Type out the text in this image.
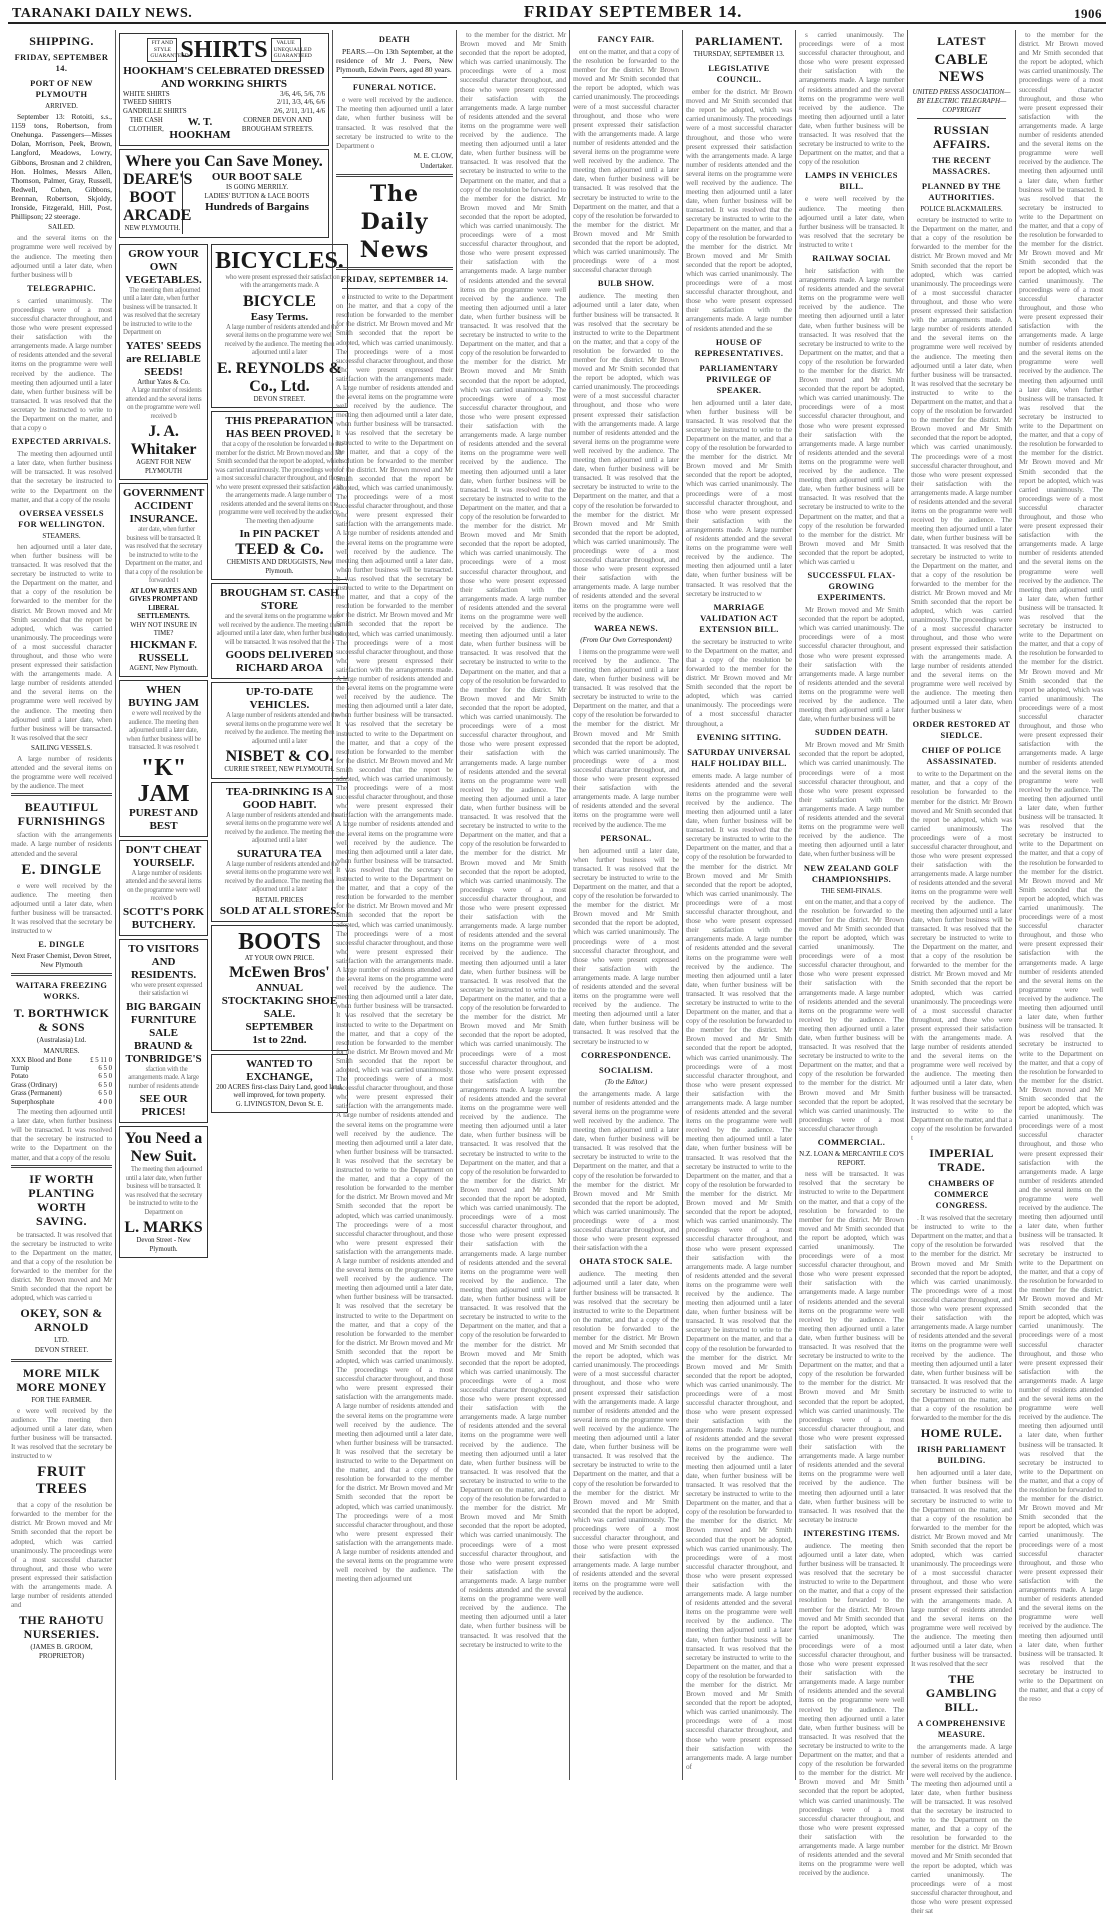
TARANAKI DAILY NEWS.	FRIDAY SEPTEMBER 14.	1906
SHIPPING.
FRIDAY, SEPTEMBER 14.
PORT OF NEW PLYMOUTH
ARRIVED.

September 13: Rotoiti, s.s., 1159 tons, Robertson, from Onehunga. Passengers—Misses Dolan, Morrison, Peek, Brown, Langford, Meadows, Lowry, Gibbons, Brosnan and 2 children, Hon. Holmes, Messrs Allen, Thomson, Palmer, Gray, Russell, Redwell, Cohen, Gibbons, Brennan, Robertson, Skjoldy, Ironside, Fitzgerald, Hill, Post, Phillipson; 22 steerage.

SAILED.

and the several items on the programme were well received by the audience. The meeting then adjourned until a later date, when further business will b

TELEGRAPHIC.

s carried unanimously. The proceedings were of a most successful character throughout, and those who were present expressed their satisfaction with the arrangements made. A large number of residents attended and the several items on the programme were well received by the audience. The meeting then adjourned until a later date, when further business will be transacted. It was resolved that the secretary be instructed to write to the Department on the matter, and that a copy o

EXPECTED ARRIVALS.

The meeting then adjourned until a later date, when further business will be transacted. It was resolved that the secretary be instructed to write to the Department on the matter, and that a copy of the resolu

OVERSEA VESSELS FOR WELLINGTON.
STEAMERS.

hen adjourned until a later date, when further business will be transacted. It was resolved that the secretary be instructed to write to the Department on the matter, and that a copy of the resolution be forwarded to the member for the district. Mr Brown moved and Mr Smith seconded that the report be adopted, which was carried unanimously. The proceedings were of a most successful character throughout, and those who were present expressed their satisfaction with the arrangements made. A large number of residents attended and the several items on the programme were well received by the audience. The meeting then adjourned until a later date, when further business will be transacted. It was resolved that the secr

SAILING VESSELS.

A large number of residents attended and the several items on the programme were well received by the audience. The meet

BEAUTIFUL FURNISHINGS

sfaction with the arrangements made. A large number of residents attended and the several

E. DINGLE

e were well received by the audience. The meeting then adjourned until a later date, when further business will be transacted. It was resolved that the secretary be instructed to w

E. DINGLE
Next Fraser Chemist, Devon Street, New Plymouth
WAITARA FREEZING WORKS.
T. BORTHWICK & SONS
(Australasia) Ltd.
MANURES.
XXX Blood and Bone	£ 5 11 0
Turnip	6 5 0
Potato	6 5 0
Grass (Ordinary)	6 5 0
Grass (Permanent)	6 5 0
Superphosphate	4 0 0

The meeting then adjourned until a later date, when further business will be transacted. It was resolved that the secretary be instructed to write to the Department on the matter, and that a copy of the resolu

IF WORTH PLANTING WORTH SAVING.

be transacted. It was resolved that the secretary be instructed to write to the Department on the matter, and that a copy of the resolution be forwarded to the member for the district. Mr Brown moved and Mr Smith seconded that the report be adopted, which was carried u

OKEY, SON & ARNOLD
LTD.
DEVON STREET.
MORE MILK MORE MONEY
FOR THE FARMER.

e were well received by the audience. The meeting then adjourned until a later date, when further business will be transacted. It was resolved that the secretary be instructed to w

FRUIT TREES

that a copy of the resolution be forwarded to the member for the district. Mr Brown moved and Mr Smith seconded that the report be adopted, which was carried unanimously. The proceedings were of a most successful character throughout, and those who were present expressed their satisfaction with the arrangements made. A large number of residents attended and

THE RAHOTU NURSERIES.
(JAMES B. GROOM, PROPRIETOR)
FIT AND STYLE GUARANTEED
SHIRTS	VALUE UNEQUALLED GUARANTEED
HOOKHAM'S CELEBRATED DRESSED AND WORKING SHIRTS
WHITE SHIRTS	3/6, 4/6, 5/6, 7/6
TWEED SHIRTS	2/11, 3/3, 4/6, 6/6
GANDRILLE SHIRTS	2/6, 2/11, 3/11, 4/6
THE CASH CLOTHIER,
W. T. HOOKHAM
CORNER DEVON AND BROUGHAM STREETS.
Where you Can Save Money.
DEARE'S BOOT ARCADE
NEW PLYMOUTH.
OUR BOOT SALE
IS GOING MERRILY.
LADIES' BUTTON & LACE BOOTS
Hundreds of Bargains
GROW YOUR OWN VEGETABLES.

The meeting then adjourned until a later date, when further business will be transacted. It was resolved that the secretary be instructed to write to the Department on

YATES' SEEDS are RELIABLE SEEDS!
Arthur Yates & Co.

A large number of residents attended and the several items on the programme were well received b

J. A. Whitaker
AGENT FOR NEW PLYMOUTH
GOVERNMENT ACCIDENT INSURANCE.

ater date, when further business will be transacted. It was resolved that the secretary be instructed to write to the Department on the matter, and that a copy of the resolution be forwarded t

AT LOW RATES AND GIVES PROMPT AND LIBERAL SETTLEMENTS.
WHY NOT INSURE IN TIME?
HICKMAN F. RUSSELL
AGENT, New Plymouth.
WHEN BUYING JAM

e were well received by the audience. The meeting then adjourned until a later date, when further business will be transacted. It was resolved t

"K" JAM
PUREST AND BEST
DON'T CHEAT YOURSELF.

A large number of residents attended and the several items on the programme were well received b

SCOTT'S PORK BUTCHERY.
TO VISITORS AND RESIDENTS.

who were present expressed their satisfaction wi

BIG BARGAIN FURNITURE SALE
BRAUND & TONBRIDGE'S

sfaction with the arrangements made. A large number of residents attende

SEE OUR PRICES!
You Need a New Suit.

The meeting then adjourned until a later date, when further business will be transacted. It was resolved that the secretary be instructed to write to the Department on

L. MARKS
Devon Street - New Plymouth.
BICYCLES.

who were present expressed their satisfaction with the arrangements made. A

BICYCLE
Easy Terms.

A large number of residents attended and the several items on the programme were well received by the audience. The meeting then adjourned until a later

E. REYNOLDS & Co., Ltd.
DEVON STREET.
THIS PREPARATION HAS BEEN PROVED.

that a copy of the resolution be forwarded to the member for the district. Mr Brown moved and Mr Smith seconded that the report be adopted, which was carried unanimously. The proceedings were of a most successful character throughout, and those who were present expressed their satisfaction with the arrangements made. A large number of residents attended and the several items on the programme were well received by the audience. The meeting then adjourne

In PIN PACKET
TEED & Co.
CHEMISTS AND DRUGGISTS, New Plymouth.
BROUGHAM ST. CASH STORE

and the several items on the programme were well received by the audience. The meeting then adjourned until a later date, when further business will be transacted. It was resolved that the s

GOODS DELIVERED
RICHARD AROA
UP-TO-DATE VEHICLES.

A large number of residents attended and the several items on the programme were well received by the audience. The meeting then adjourned until a later

NISBET & CO.
CURRIE STREET, NEW PLYMOUTH.
TEA-DRINKING IS A GOOD HABIT.

A large number of residents attended and the several items on the programme were well received by the audience. The meeting then adjourned until a later

SURATURA TEA

A large number of residents attended and the several items on the programme were well received by the audience. The meeting then adjourned until a later

RETAIL PRICES
SOLD AT ALL STORES.
BOOTS
AT YOUR OWN PRICE.
McEwen Bros'
ANNUAL STOCKTAKING SHOE SALE.
SEPTEMBER
1st to 22nd.
WANTED TO EXCHANGE,
200 ACRES first-class Dairy Land, good land, well improved, for town property.
G. LIVINGSTON, Devon St. E.
DEATH

PEARS.—On 13th September, at the residence of Mr J. Peers, New Plymouth, Edwin Peers, aged 80 years.

FUNERAL NOTICE.

e were well received by the audience. The meeting then adjourned until a later date, when further business will be transacted. It was resolved that the secretary be instructed to write to the Department o

M. E. CLOW,
Undertaker.
The Daily News
FRIDAY, SEPTEMBER 14.

e instructed to write to the Department on the matter, and that a copy of the resolution be forwarded to the member for the district. Mr Brown moved and Mr Smith seconded that the report be adopted, which was carried unanimously. The proceedings were of a most successful character throughout, and those who were present expressed their satisfaction with the arrangements made. A large number of residents attended and the several items on the programme were well received by the audience. The meeting then adjourned until a later date, when further business will be transacted. It was resolved that the secretary be instructed to write to the Department on the matter, and that a copy of the resolution be forwarded to the member for the district. Mr Brown moved and Mr Smith seconded that the report be adopted, which was carried unanimously. The proceedings were of a most successful character throughout, and those who were present expressed their satisfaction with the arrangements made. A large number of residents attended and the several items on the programme were well received by the audience. The meeting then adjourned until a later date, when further business will be transacted. It was resolved that the secretary be instructed to write to the Department on the matter, and that a copy of the resolution be forwarded to the member for the district. Mr Brown moved and Mr Smith seconded that the report be adopted, which was carried unanimously. The proceedings were of a most successful character throughout, and those who were present expressed their satisfaction with the arrangements made. A large number of residents attended and the several items on the programme were well received by the audience. The meeting then adjourned until a later date, when further business will be transacted. It was resolved that the secretary be instructed to write to the Department on the matter, and that a copy of the resolution be forwarded to the member for the district. Mr Brown moved and Mr Smith seconded that the report be adopted, which was carried unanimously. The proceedings were of a most successful character throughout, and those who were present expressed their satisfaction with the arrangements made. A large number of residents attended and the several items on the programme were well received by the audience. The meeting then adjourned until a later date, when further business will be transacted. It was resolved that the secretary be instructed to write to the Department on the matter, and that a copy of the resolution be forwarded to the member for the district. Mr Brown moved and Mr Smith seconded that the report be adopted, which was carried unanimously. The proceedings were of a most successful character throughout, and those who were present expressed their satisfaction with the arrangements made. A large number of residents attended and the several items on the programme were well received by the audience. The meeting then adjourned until a later date, when further business will be transacted. It was resolved that the secretary be instructed to write to the Department on the matter, and that a copy of the resolution be forwarded to the member for the district. Mr Brown moved and Mr Smith seconded that the report be adopted, which was carried unanimously. The proceedings were of a most successful character throughout, and those who were present expressed their satisfaction with the arrangements made. A large number of residents attended and the several items on the programme were well received by the audience. The meeting then adjourned until a later date, when further business will be transacted. It was resolved that the secretary be instructed to write to the Department on the matter, and that a copy of the resolution be forwarded to the member for the district. Mr Brown moved and Mr Smith seconded that the report be adopted, which was carried unanimously. The proceedings were of a most successful character throughout, and those who were present expressed their satisfaction with the arrangements made. A large number of residents attended and the several items on the programme were well received by the audience. The meeting then adjourned until a later date, when further business will be transacted. It was resolved that the secretary be instructed to write to the Department on the matter, and that a copy of the resolution be forwarded to the member for the district. Mr Brown moved and Mr Smith seconded that the report be adopted, which was carried unanimously. The proceedings were of a most successful character throughout, and those who were present expressed their satisfaction with the arrangements made. A large number of residents attended and the several items on the programme were well received by the audience. The meeting then adjourned until a later date, when further business will be transacted. It was resolved that the secretary be instructed to write to the Department on the matter, and that a copy of the resolution be forwarded to the member for the district. Mr Brown moved and Mr Smith seconded that the report be adopted, which was carried unanimously. The proceedings were of a most successful character throughout, and those who were present expressed their satisfaction with the arrangements made. A large number of residents attended and the several items on the programme were well received by the audience. The meeting then adjourned unt

to the member for the district. Mr Brown moved and Mr Smith seconded that the report be adopted, which was carried unanimously. The proceedings were of a most successful character throughout, and those who were present expressed their satisfaction with the arrangements made. A large number of residents attended and the several items on the programme were well received by the audience. The meeting then adjourned until a later date, when further business will be transacted. It was resolved that the secretary be instructed to write to the Department on the matter, and that a copy of the resolution be forwarded to the member for the district. Mr Brown moved and Mr Smith seconded that the report be adopted, which was carried unanimously. The proceedings were of a most successful character throughout, and those who were present expressed their satisfaction with the arrangements made. A large number of residents attended and the several items on the programme were well received by the audience. The meeting then adjourned until a later date, when further business will be transacted. It was resolved that the secretary be instructed to write to the Department on the matter, and that a copy of the resolution be forwarded to the member for the district. Mr Brown moved and Mr Smith seconded that the report be adopted, which was carried unanimously. The proceedings were of a most successful character throughout, and those who were present expressed their satisfaction with the arrangements made. A large number of residents attended and the several items on the programme were well received by the audience. The meeting then adjourned until a later date, when further business will be transacted. It was resolved that the secretary be instructed to write to the Department on the matter, and that a copy of the resolution be forwarded to the member for the district. Mr Brown moved and Mr Smith seconded that the report be adopted, which was carried unanimously. The proceedings were of a most successful character throughout, and those who were present expressed their satisfaction with the arrangements made. A large number of residents attended and the several items on the programme were well received by the audience. The meeting then adjourned until a later date, when further business will be transacted. It was resolved that the secretary be instructed to write to the Department on the matter, and that a copy of the resolution be forwarded to the member for the district. Mr Brown moved and Mr Smith seconded that the report be adopted, which was carried unanimously. The proceedings were of a most successful character throughout, and those who were present expressed their satisfaction with the arrangements made. A large number of residents attended and the several items on the programme were well received by the audience. The meeting then adjourned until a later date, when further business will be transacted. It was resolved that the secretary be instructed to write to the Department on the matter, and that a copy of the resolution be forwarded to the member for the district. Mr Brown moved and Mr Smith seconded that the report be adopted, which was carried unanimously. The proceedings were of a most successful character throughout, and those who were present expressed their satisfaction with the arrangements made. A large number of residents attended and the several items on the programme were well received by the audience. The meeting then adjourned until a later date, when further business will be transacted. It was resolved that the secretary be instructed to write to the Department on the matter, and that a copy of the resolution be forwarded to the member for the district. Mr Brown moved and Mr Smith seconded that the report be adopted, which was carried unanimously. The proceedings were of a most successful character throughout, and those who were present expressed their satisfaction with the arrangements made. A large number of residents attended and the several items on the programme were well received by the audience. The meeting then adjourned until a later date, when further business will be transacted. It was resolved that the secretary be instructed to write to the Department on the matter, and that a copy of the resolution be forwarded to the member for the district. Mr Brown moved and Mr Smith seconded that the report be adopted, which was carried unanimously. The proceedings were of a most successful character throughout, and those who were present expressed their satisfaction with the arrangements made. A large number of residents attended and the several items on the programme were well received by the audience. The meeting then adjourned until a later date, when further business will be transacted. It was resolved that the secretary be instructed to write to the Department on the matter, and that a copy of the resolution be forwarded to the member for the district. Mr Brown moved and Mr Smith seconded that the report be adopted, which was carried unanimously. The proceedings were of a most successful character throughout, and those who were present expressed their satisfaction with the arrangements made. A large number of residents attended and the several items on the programme were well received by the audience. The meeting then adjourned until a later date, when further business will be transacted. It was resolved that the secretary be instructed to write to the Department on the matter, and that a copy of the resolution be forwarded to the member for the district. Mr Brown moved and Mr Smith seconded that the report be adopted, which was carried unanimously. The proceedings were of a most successful character throughout, and those who were present expressed their satisfaction with the arrangements made. A large number of residents attended and the several items on the programme were well received by the audience. The meeting then adjourned until a later date, when further business will be transacted. It was resolved that the secretary be instructed to write to the

FANCY FAIR.

ent on the matter, and that a copy of the resolution be forwarded to the member for the district. Mr Brown moved and Mr Smith seconded that the report be adopted, which was carried unanimously. The proceedings were of a most successful character throughout, and those who were present expressed their satisfaction with the arrangements made. A large number of residents attended and the several items on the programme were well received by the audience. The meeting then adjourned until a later date, when further business will be transacted. It was resolved that the secretary be instructed to write to the Department on the matter, and that a copy of the resolution be forwarded to the member for the district. Mr Brown moved and Mr Smith seconded that the report be adopted, which was carried unanimously. The proceedings were of a most successful character through

BULB SHOW.

audience. The meeting then adjourned until a later date, when further business will be transacted. It was resolved that the secretary be instructed to write to the Department on the matter, and that a copy of the resolution be forwarded to the member for the district. Mr Brown moved and Mr Smith seconded that the report be adopted, which was carried unanimously. The proceedings were of a most successful character throughout, and those who were present expressed their satisfaction with the arrangements made. A large number of residents attended and the several items on the programme were well received by the audience. The meeting then adjourned until a later date, when further business will be transacted. It was resolved that the secretary be instructed to write to the Department on the matter, and that a copy of the resolution be forwarded to the member for the district. Mr Brown moved and Mr Smith seconded that the report be adopted, which was carried unanimously. The proceedings were of a most successful character throughout, and those who were present expressed their satisfaction with the arrangements made. A large number of residents attended and the several items on the programme were well received by the audience.

WAREA NEWS.
(From Our Own Correspondent)

l items on the programme were well received by the audience. The meeting then adjourned until a later date, when further business will be transacted. It was resolved that the secretary be instructed to write to the Department on the matter, and that a copy of the resolution be forwarded to the member for the district. Mr Brown moved and Mr Smith seconded that the report be adopted, which was carried unanimously. The proceedings were of a most successful character throughout, and those who were present expressed their satisfaction with the arrangements made. A large number of residents attended and the several items on the programme were well received by the audience. The me

PERSONAL.

hen adjourned until a later date, when further business will be transacted. It was resolved that the secretary be instructed to write to the Department on the matter, and that a copy of the resolution be forwarded to the member for the district. Mr Brown moved and Mr Smith seconded that the report be adopted, which was carried unanimously. The proceedings were of a most successful character throughout, and those who were present expressed their satisfaction with the arrangements made. A large number of residents attended and the several items on the programme were well received by the audience. The meeting then adjourned until a later date, when further business will be transacted. It was resolved that the secretary be instructed to w

CORRESPONDENCE.
SOCIALISM.
(To the Editor.)

the arrangements made. A large number of residents attended and the several items on the programme were well received by the audience. The meeting then adjourned until a later date, when further business will be transacted. It was resolved that the secretary be instructed to write to the Department on the matter, and that a copy of the resolution be forwarded to the member for the district. Mr Brown moved and Mr Smith seconded that the report be adopted, which was carried unanimously. The proceedings were of a most successful character throughout, and those who were present expressed their satisfaction with the a

OHATA STOCK SALE.

audience. The meeting then adjourned until a later date, when further business will be transacted. It was resolved that the secretary be instructed to write to the Department on the matter, and that a copy of the resolution be forwarded to the member for the district. Mr Brown moved and Mr Smith seconded that the report be adopted, which was carried unanimously. The proceedings were of a most successful character throughout, and those who were present expressed their satisfaction with the arrangements made. A large number of residents attended and the several items on the programme were well received by the audience. The meeting then adjourned until a later date, when further business will be transacted. It was resolved that the secretary be instructed to write to the Department on the matter, and that a copy of the resolution be forwarded to the member for the district. Mr Brown moved and Mr Smith seconded that the report be adopted, which was carried unanimously. The proceedings were of a most successful character throughout, and those who were present expressed their satisfaction with the arrangements made. A large number of residents attended and the several items on the programme were well received by the audience.

PARLIAMENT.
THURSDAY, SEPTEMBER 13.
LEGISLATIVE COUNCIL.

ember for the district. Mr Brown moved and Mr Smith seconded that the report be adopted, which was carried unanimously. The proceedings were of a most successful character throughout, and those who were present expressed their satisfaction with the arrangements made. A large number of residents attended and the several items on the programme were well received by the audience. The meeting then adjourned until a later date, when further business will be transacted. It was resolved that the secretary be instructed to write to the Department on the matter, and that a copy of the resolution be forwarded to the member for the district. Mr Brown moved and Mr Smith seconded that the report be adopted, which was carried unanimously. The proceedings were of a most successful character throughout, and those who were present expressed their satisfaction with the arrangements made. A large number of residents attended and the se

HOUSE OF REPRESENTATIVES.
PARLIAMENTARY PRIVILEGE OF SPEAKER.

hen adjourned until a later date, when further business will be transacted. It was resolved that the secretary be instructed to write to the Department on the matter, and that a copy of the resolution be forwarded to the member for the district. Mr Brown moved and Mr Smith seconded that the report be adopted, which was carried unanimously. The proceedings were of a most successful character throughout, and those who were present expressed their satisfaction with the arrangements made. A large number of residents attended and the several items on the programme were well received by the audience. The meeting then adjourned until a later date, when further business will be transacted. It was resolved that the secretary be instructed to w

MARRIAGE VALIDATION ACT EXTENSION BILL.

the secretary be instructed to write to the Department on the matter, and that a copy of the resolution be forwarded to the member for the district. Mr Brown moved and Mr Smith seconded that the report be adopted, which was carried unanimously. The proceedings were of a most successful character throughout, a

EVENING SITTING.
SATURDAY UNIVERSAL HALF HOLIDAY BILL.

ements made. A large number of residents attended and the several items on the programme were well received by the audience. The meeting then adjourned until a later date, when further business will be transacted. It was resolved that the secretary be instructed to write to the Department on the matter, and that a copy of the resolution be forwarded to the member for the district. Mr Brown moved and Mr Smith seconded that the report be adopted, which was carried unanimously. The proceedings were of a most successful character throughout, and those who were present expressed their satisfaction with the arrangements made. A large number of residents attended and the several items on the programme were well received by the audience. The meeting then adjourned until a later date, when further business will be transacted. It was resolved that the secretary be instructed to write to the Department on the matter, and that a copy of the resolution be forwarded to the member for the district. Mr Brown moved and Mr Smith seconded that the report be adopted, which was carried unanimously. The proceedings were of a most successful character throughout, and those who were present expressed their satisfaction with the arrangements made. A large number of residents attended and the several items on the programme were well received by the audience. The meeting then adjourned until a later date, when further business will be transacted. It was resolved that the secretary be instructed to write to the Department on the matter, and that a copy of the resolution be forwarded to the member for the district. Mr Brown moved and Mr Smith seconded that the report be adopted, which was carried unanimously. The proceedings were of a most successful character throughout, and those who were present expressed their satisfaction with the arrangements made. A large number of residents attended and the several items on the programme were well received by the audience. The meeting then adjourned until a later date, when further business will be transacted. It was resolved that the secretary be instructed to write to the Department on the matter, and that a copy of the resolution be forwarded to the member for the district. Mr Brown moved and Mr Smith seconded that the report be adopted, which was carried unanimously. The proceedings were of a most successful character throughout, and those who were present expressed their satisfaction with the arrangements made. A large number of residents attended and the several items on the programme were well received by the audience. The meeting then adjourned until a later date, when further business will be transacted. It was resolved that the secretary be instructed to write to the Department on the matter, and that a copy of the resolution be forwarded to the member for the district. Mr Brown moved and Mr Smith seconded that the report be adopted, which was carried unanimously. The proceedings were of a most successful character throughout, and those who were present expressed their satisfaction with the arrangements made. A large number of residents attended and the several items on the programme were well received by the audience. The meeting then adjourned until a later date, when further business will be transacted. It was resolved that the secretary be instructed to write to the Department on the matter, and that a copy of the resolution be forwarded to the member for the district. Mr Brown moved and Mr Smith seconded that the report be adopted, which was carried unanimously. The proceedings were of a most successful character throughout, and those who were present expressed their satisfaction with the arrangements made. A large number of

s carried unanimously. The proceedings were of a most successful character throughout, and those who were present expressed their satisfaction with the arrangements made. A large number of residents attended and the several items on the programme were well received by the audience. The meeting then adjourned until a later date, when further business will be transacted. It was resolved that the secretary be instructed to write to the Department on the matter, and that a copy of the resolution

LAMPS IN VEHICLES BILL.

e were well received by the audience. The meeting then adjourned until a later date, when further business will be transacted. It was resolved that the secretary be instructed to write t

RAILWAY SOCIAL

heir satisfaction with the arrangements made. A large number of residents attended and the several items on the programme were well received by the audience. The meeting then adjourned until a later date, when further business will be transacted. It was resolved that the secretary be instructed to write to the Department on the matter, and that a copy of the resolution be forwarded to the member for the district. Mr Brown moved and Mr Smith seconded that the report be adopted, which was carried unanimously. The proceedings were of a most successful character throughout, and those who were present expressed their satisfaction with the arrangements made. A large number of residents attended and the several items on the programme were well received by the audience. The meeting then adjourned until a later date, when further business will be transacted. It was resolved that the secretary be instructed to write to the Department on the matter, and that a copy of the resolution be forwarded to the member for the district. Mr Brown moved and Mr Smith seconded that the report be adopted, which was carried u

SUCCESSFUL FLAX-GROWING EXPERIMENTS.

Mr Brown moved and Mr Smith seconded that the report be adopted, which was carried unanimously. The proceedings were of a most successful character throughout, and those who were present expressed their satisfaction with the arrangements made. A large number of residents attended and the several items on the programme were well received by the audience. The meeting then adjourned until a later date, when further business will be

SUDDEN DEATH.

Mr Brown moved and Mr Smith seconded that the report be adopted, which was carried unanimously. The proceedings were of a most successful character throughout, and those who were present expressed their satisfaction with the arrangements made. A large number of residents attended and the several items on the programme were well received by the audience. The meeting then adjourned until a later date, when further business will be

NEW ZEALAND GOLF CHAMPIONSHIPS.
THE SEMI-FINALS.

ent on the matter, and that a copy of the resolution be forwarded to the member for the district. Mr Brown moved and Mr Smith seconded that the report be adopted, which was carried unanimously. The proceedings were of a most successful character throughout, and those who were present expressed their satisfaction with the arrangements made. A large number of residents attended and the several items on the programme were well received by the audience. The meeting then adjourned until a later date, when further business will be transacted. It was resolved that the secretary be instructed to write to the Department on the matter, and that a copy of the resolution be forwarded to the member for the district. Mr Brown moved and Mr Smith seconded that the report be adopted, which was carried unanimously. The proceedings were of a most successful character through

COMMERCIAL.
N.Z. LOAN & MERCANTILE CO'S REPORT.

ness will be transacted. It was resolved that the secretary be instructed to write to the Department on the matter, and that a copy of the resolution be forwarded to the member for the district. Mr Brown moved and Mr Smith seconded that the report be adopted, which was carried unanimously. The proceedings were of a most successful character throughout, and those who were present expressed their satisfaction with the arrangements made. A large number of residents attended and the several items on the programme were well received by the audience. The meeting then adjourned until a later date, when further business will be transacted. It was resolved that the secretary be instructed to write to the Department on the matter, and that a copy of the resolution be forwarded to the member for the district. Mr Brown moved and Mr Smith seconded that the report be adopted, which was carried unanimously. The proceedings were of a most successful character throughout, and those who were present expressed their satisfaction with the arrangements made. A large number of residents attended and the several items on the programme were well received by the audience. The meeting then adjourned until a later date, when further business will be transacted. It was resolved that the secretary be instructe

INTERESTING ITEMS.

audience. The meeting then adjourned until a later date, when further business will be transacted. It was resolved that the secretary be instructed to write to the Department on the matter, and that a copy of the resolution be forwarded to the member for the district. Mr Brown moved and Mr Smith seconded that the report be adopted, which was carried unanimously. The proceedings were of a most successful character throughout, and those who were present expressed their satisfaction with the arrangements made. A large number of residents attended and the several items on the programme were well received by the audience. The meeting then adjourned until a later date, when further business will be transacted. It was resolved that the secretary be instructed to write to the Department on the matter, and that a copy of the resolution be forwarded to the member for the district. Mr Brown moved and Mr Smith seconded that the report be adopted, which was carried unanimously. The proceedings were of a most successful character throughout, and those who were present expressed their satisfaction with the arrangements made. A large number of residents attended and the several items on the programme were well received by the audience.

LATEST
CABLE NEWS
UNITED PRESS ASSOCIATION—BY ELECTRIC TELEGRAPH—COPYRIGHT
RUSSIAN AFFAIRS.
THE RECENT MASSACRES.
PLANNED BY THE AUTHORITIES.
POLICE BLACKMAILERS.

ecretary be instructed to write to the Department on the matter, and that a copy of the resolution be forwarded to the member for the district. Mr Brown moved and Mr Smith seconded that the report be adopted, which was carried unanimously. The proceedings were of a most successful character throughout, and those who were present expressed their satisfaction with the arrangements made. A large number of residents attended and the several items on the programme were well received by the audience. The meeting then adjourned until a later date, when further business will be transacted. It was resolved that the secretary be instructed to write to the Department on the matter, and that a copy of the resolution be forwarded to the member for the district. Mr Brown moved and Mr Smith seconded that the report be adopted, which was carried unanimously. The proceedings were of a most successful character throughout, and those who were present expressed their satisfaction with the arrangements made. A large number of residents attended and the several items on the programme were well received by the audience. The meeting then adjourned until a later date, when further business will be transacted. It was resolved that the secretary be instructed to write to the Department on the matter, and that a copy of the resolution be forwarded to the member for the district. Mr Brown moved and Mr Smith seconded that the report be adopted, which was carried unanimously. The proceedings were of a most successful character throughout, and those who were present expressed their satisfaction with the arrangements made. A large number of residents attended and the several items on the programme were well received by the audience. The meeting then adjourned until a later date, when further business w

ORDER RESTORED AT SIEDLCE.
CHIEF OF POLICE ASSASSINATED.

to write to the Department on the matter, and that a copy of the resolution be forwarded to the member for the district. Mr Brown moved and Mr Smith seconded that the report be adopted, which was carried unanimously. The proceedings were of a most successful character throughout, and those who were present expressed their satisfaction with the arrangements made. A large number of residents attended and the several items on the programme were well received by the audience. The meeting then adjourned until a later date, when further business will be transacted. It was resolved that the secretary be instructed to write to the Department on the matter, and that a copy of the resolution be forwarded to the member for the district. Mr Brown moved and Mr Smith seconded that the report be adopted, which was carried unanimously. The proceedings were of a most successful character throughout, and those who were present expressed their satisfaction with the arrangements made. A large number of residents attended and the several items on the programme were well received by the audience. The meeting then adjourned until a later date, when further business will be transacted. It was resolved that the secretary be instructed to write to the Department on the matter, and that a copy of the resolution be forwarded t

IMPERIAL TRADE.
CHAMBERS OF COMMERCE CONGRESS.

. It was resolved that the secretary be instructed to write to the Department on the matter, and that a copy of the resolution be forwarded to the member for the district. Mr Brown moved and Mr Smith seconded that the report be adopted, which was carried unanimously. The proceedings were of a most successful character throughout, and those who were present expressed their satisfaction with the arrangements made. A large number of residents attended and the several items on the programme were well received by the audience. The meeting then adjourned until a later date, when further business will be transacted. It was resolved that the secretary be instructed to write to the Department on the matter, and that a copy of the resolution be forwarded to the member for the dis

HOME RULE.
IRISH PARLIAMENT BUILDING.

hen adjourned until a later date, when further business will be transacted. It was resolved that the secretary be instructed to write to the Department on the matter, and that a copy of the resolution be forwarded to the member for the district. Mr Brown moved and Mr Smith seconded that the report be adopted, which was carried unanimously. The proceedings were of a most successful character throughout, and those who were present expressed their satisfaction with the arrangements made. A large number of residents attended and the several items on the programme were well received by the audience. The meeting then adjourned until a later date, when further business will be transacted. It was resolved that the secr

THE GAMBLING BILL.
A COMPREHENSIVE MEASURE.

the arrangements made. A large number of residents attended and the several items on the programme were well received by the audience. The meeting then adjourned until a later date, when further business will be transacted. It was resolved that the secretary be instructed to write to the Department on the matter, and that a copy of the resolution be forwarded to the member for the district. Mr Brown moved and Mr Smith seconded that the report be adopted, which was carried unanimously. The proceedings were of a most successful character throughout, and those who were present expressed their sat

to the member for the district. Mr Brown moved and Mr Smith seconded that the report be adopted, which was carried unanimously. The proceedings were of a most successful character throughout, and those who were present expressed their satisfaction with the arrangements made. A large number of residents attended and the several items on the programme were well received by the audience. The meeting then adjourned until a later date, when further business will be transacted. It was resolved that the secretary be instructed to write to the Department on the matter, and that a copy of the resolution be forwarded to the member for the district. Mr Brown moved and Mr Smith seconded that the report be adopted, which was carried unanimously. The proceedings were of a most successful character throughout, and those who were present expressed their satisfaction with the arrangements made. A large number of residents attended and the several items on the programme were well received by the audience. The meeting then adjourned until a later date, when further business will be transacted. It was resolved that the secretary be instructed to write to the Department on the matter, and that a copy of the resolution be forwarded to the member for the district. Mr Brown moved and Mr Smith seconded that the report be adopted, which was carried unanimously. The proceedings were of a most successful character throughout, and those who were present expressed their satisfaction with the arrangements made. A large number of residents attended and the several items on the programme were well received by the audience. The meeting then adjourned until a later date, when further business will be transacted. It was resolved that the secretary be instructed to write to the Department on the matter, and that a copy of the resolution be forwarded to the member for the district. Mr Brown moved and Mr Smith seconded that the report be adopted, which was carried unanimously. The proceedings were of a most successful character throughout, and those who were present expressed their satisfaction with the arrangements made. A large number of residents attended and the several items on the programme were well received by the audience. The meeting then adjourned until a later date, when further business will be transacted. It was resolved that the secretary be instructed to write to the Department on the matter, and that a copy of the resolution be forwarded to the member for the district. Mr Brown moved and Mr Smith seconded that the report be adopted, which was carried unanimously. The proceedings were of a most successful character throughout, and those who were present expressed their satisfaction with the arrangements made. A large number of residents attended and the several items on the programme were well received by the audience. The meeting then adjourned until a later date, when further business will be transacted. It was resolved that the secretary be instructed to write to the Department on the matter, and that a copy of the resolution be forwarded to the member for the district. Mr Brown moved and Mr Smith seconded that the report be adopted, which was carried unanimously. The proceedings were of a most successful character throughout, and those who were present expressed their satisfaction with the arrangements made. A large number of residents attended and the several items on the programme were well received by the audience. The meeting then adjourned until a later date, when further business will be transacted. It was resolved that the secretary be instructed to write to the Department on the matter, and that a copy of the resolution be forwarded to the member for the district. Mr Brown moved and Mr Smith seconded that the report be adopted, which was carried unanimously. The proceedings were of a most successful character throughout, and those who were present expressed their satisfaction with the arrangements made. A large number of residents attended and the several items on the programme were well received by the audience. The meeting then adjourned until a later date, when further business will be transacted. It was resolved that the secretary be instructed to write to the Department on the matter, and that a copy of the resolution be forwarded to the member for the district. Mr Brown moved and Mr Smith seconded that the report be adopted, which was carried unanimously. The proceedings were of a most successful character throughout, and those who were present expressed their satisfaction with the arrangements made. A large number of residents attended and the several items on the programme were well received by the audience. The meeting then adjourned until a later date, when further business will be transacted. It was resolved that the secretary be instructed to write to the Department on the matter, and that a copy of the reso
